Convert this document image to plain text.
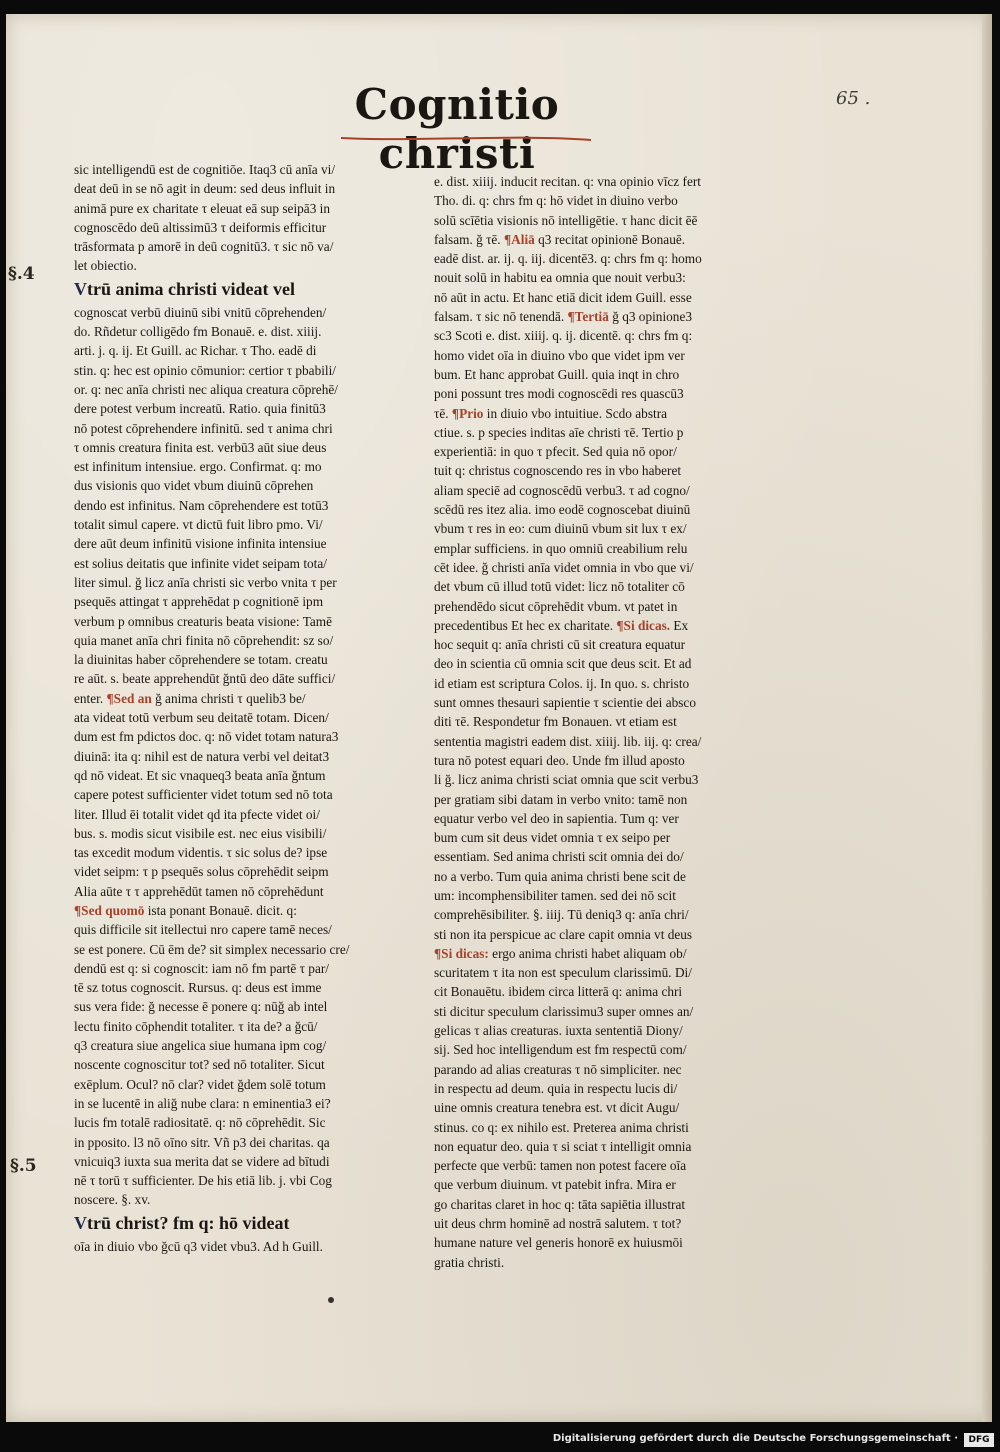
Cognitio christi
65 .
§.4
§.5
sic intelligendū est de cognitiōe. Itaq3 cū anīa vi/
deat deū in se nō agit in deum: sed deus influit in
animā pure ex charitate τ eleuat eā sup seipā3 in
cognoscēdo deū altissimū3 τ deiformis efficitur
trāsformata p amorē in deū cognitū3. τ sic nō va/
let obiectio.
Vtrū anima christi videat vel
cognoscat verbū diuinū sibi vnitū cōprehenden/
do. Rñdetur colligēdo fm Bonauē. e. dist. xiiij.
arti. j. q. ij. Et Guill. ac Richar. τ Tho. eadē di
stin. q: hec est opinio cōmunior: certior τ pbabili/
or. q: nec anīa christi nec aliqua creatura cōprehē/
dere potest verbum increatū. Ratio. quia finitū3
nō potest cōprehendere infinitū. sed τ anima chri
τ omnis creatura finita est. verbū3 aūt siue deus
est infinitum intensiue. ergo. Confirmat. q: mo
dus visionis quo videt vbum diuinū cōprehen
dendo est infinitus. Nam cōprehendere est totū3
totalit simul capere. vt dictū fuit libro pmo. Vi/
dere aūt deum infinitū visione infinita intensiue
est solius deitatis que infinite videt seipam tota/
liter simul. ğ licz anīa christi sic verbo vnita τ per
psequēs attingat τ apprehēdat p cognitionē ipm
verbum p omnibus creaturis beata visione: Tamē
quia manet anīa chri finita nō cōprehendit: sz so/
la diuinitas haber cōprehendere se totam. creatu
re aūt. s. beate apprehendūt ğntū deo dāte suffici/
enter. ¶Sed an ğ anima christi τ quelib3 be/
ata videat totū verbum seu deitatē totam. Dicen/
dum est fm pdictos doc. q: nō videt totam natura3
diuinā: ita q: nihil est de natura verbi vel deitat3
qd nō videat. Et sic vnaqueq3 beata anīa ğntum
capere potest sufficienter videt totum sed nō tota
liter. Illud ēi totalit videt qd ita pfecte videt oi/
bus. s. modis sicut visibile est. nec eius visibili/
tas excedit modum videntis. τ sic solus de? ipse
videt seipm: τ p psequēs solus cōprehēdit seipm
Alia aūte τ τ apprehēdūt tamen nō cōprehēdunt
¶Sed quomō ista ponant Bonauē. dicit. q:
quis difficile sit itellectui nro capere tamē neces/
se est ponere. Cū ēm de? sit simplex necessario cre/
dendū est q: si cognoscit: iam nō fm partē τ par/
tē sz totus cognoscit. Rursus. q: deus est imme
sus vera fide: ğ necesse ē ponere q: nūğ ab intel
lectu finito cōphendit totaliter. τ ita de? a ğcū/
q3 creatura siue angelica siue humana ipm cog/
noscente cognoscitur tot? sed nō totaliter. Sicut
exēplum. Ocul? nō clar? videt ğdem solē totum
in se lucentē in aliğ nube clara: n eminentia3 ei?
lucis fm totalē radiositatē. q: nō cōprehēdit. Sic
in pposito. l3 nō oīno sitr. Vñ p3 dei charitas. qa
vnicuiq3 iuxta sua merita dat se videre ad bītudi
nē τ torū τ sufficienter. De his etiā lib. j. vbi Cog
noscere. §. xv.
Vtrū christ? fm q: hō videat
oīa in diuio vbo ğcū q3 videt vbu3. Ad h Guill.
e. dist. xiiij. inducit recitan. q: vna opinio vīcz fert
Tho. di. q: chrs fm q: hō videt in diuino verbo
solū scīētia visionis nō intelligētie. τ hanc dicit ēē
falsam. ğ τē. ¶Aliā q3 recitat opinionē Bonauē.
eadē dist. ar. ij. q. iij. dicentē3. q: chrs fm q: homo
nouit solū in habitu ea omnia que nouit verbu3:
nō aūt in actu. Et hanc etiā dicit idem Guill. esse
falsam. τ sic nō tenendā. ¶Tertiā ğ q3 opinione3
sc3 Scoti e. dist. xiiij. q. ij. dicentē. q: chrs fm q:
homo videt oīa in diuino vbo que videt ipm ver
bum. Et hanc approbat Guill. quia inqt in chro
poni possunt tres modi cognoscēdi res quascū3
τē. ¶Prio in diuio vbo intuitiue. Scdo abstra
ctiue. s. p species inditas aīe christi τē. Tertio p
experientiā: in quo τ pfecit. Sed quia nō opor/
tuit q: christus cognoscendo res in vbo haberet
aliam speciē ad cognoscēdū verbu3. τ ad cogno/
scēdū res itez alia. imo eodē cognoscebat diuinū
vbum τ res in eo: cum diuinū vbum sit lux τ ex/
emplar sufficiens. in quo omniū creabilium relu
cēt idee. ğ christi anīa videt omnia in vbo que vi/
det vbum cū illud totū videt: licz nō totaliter cō
prehendēdo sicut cōprehēdit vbum. vt patet in
precedentibus Et hec ex charitate. ¶Si dicas. Ex
hoc sequit q: anīa christi cū sit creatura equatur
deo in scientia cū omnia scit que deus scit. Et ad
id etiam est scriptura Colos. ij. In quo. s. christo
sunt omnes thesauri sapientie τ scientie dei absco
diti τē. Respondetur fm Bonauen. vt etiam est
sententia magistri eadem dist. xiiij. lib. iij. q: crea/
tura nō potest equari deo. Unde fm illud aposto
li ğ. licz anima christi sciat omnia que scit verbu3
per gratiam sibi datam in verbo vnito: tamē non
equatur verbo vel deo in sapientia. Tum q: ver
bum cum sit deus videt omnia τ ex seipo per
essentiam. Sed anima christi scit omnia dei do/
no a verbo. Tum quia anima christi bene scit de
um: incomphensibiliter tamen. sed dei nō scit
comprehēsibiliter. §. iiij. Tū deniq3 q: anīa chri/
sti non ita perspicue ac clare capit omnia vt deus
¶Si dicas: ergo anima christi habet aliquam ob/
scuritatem τ ita non est speculum clarissimū. Di/
cit Bonauētu. ibidem circa litterā q: anima chri
sti dicitur speculum clarissimu3 super omnes an/
gelicas τ alias creaturas. iuxta sententiā Diony/
sij. Sed hoc intelligendum est fm respectū com/
parando ad alias creaturas τ nō simpliciter. nec
in respectu ad deum. quia in respectu lucis di/
uine omnis creatura tenebra est. vt dicit Augu/
stinus. co q: ex nihilo est. Preterea anima christi
non equatur deo. quia τ si sciat τ intelligit omnia
perfecte que verbū: tamen non potest facere oīa
que verbum diuinum. vt patebit infra. Mira er
go charitas claret in hoc q: tāta sapiētia illustrat
uit deus chrm hominē ad nostrā salutem. τ tot?
humane nature vel generis honorē ex huiusmōi
gratia christi.
Digitalisierung gefördert durch die Deutsche Forschungsgemeinschaft ·	DFG
